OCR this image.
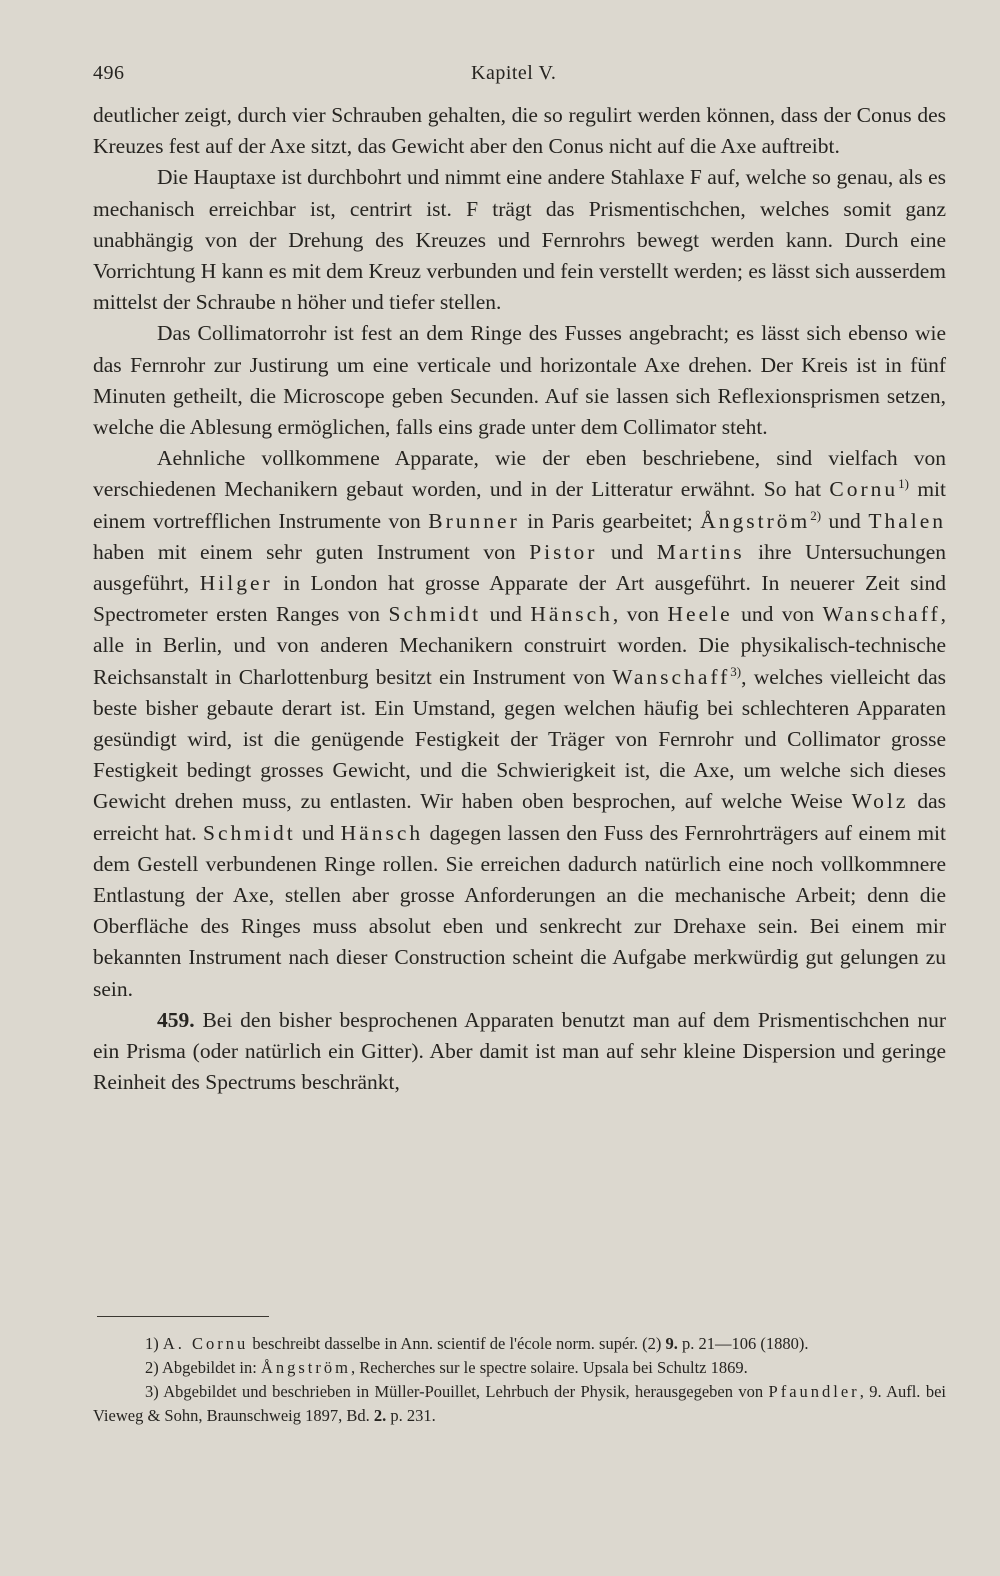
496	Kapitel V.

deutlicher zeigt, durch vier Schrauben gehalten, die so regulirt werden können, dass der Conus des Kreuzes fest auf der Axe sitzt, das Gewicht aber den Conus nicht auf die Axe auftreibt.

Die Hauptaxe ist durchbohrt und nimmt eine andere Stahlaxe F auf, welche so genau, als es mechanisch erreichbar ist, centrirt ist. F trägt das Prismentischchen, welches somit ganz unabhängig von der Drehung des Kreuzes und Fernrohrs bewegt werden kann. Durch eine Vorrichtung H kann es mit dem Kreuz verbunden und fein verstellt werden; es lässt sich ausserdem mittelst der Schraube n höher und tiefer stellen.

Das Collimatorrohr ist fest an dem Ringe des Fusses angebracht; es lässt sich ebenso wie das Fernrohr zur Justirung um eine verticale und horizontale Axe drehen. Der Kreis ist in fünf Minuten getheilt, die Microscope geben Secunden. Auf sie lassen sich Reflexionsprismen setzen, welche die Ablesung ermöglichen, falls eins grade unter dem Collimator steht.

Aehnliche vollkommene Apparate, wie der eben beschriebene, sind vielfach von verschiedenen Mechanikern gebaut worden, und in der Litteratur erwähnt. So hat Cornu$^{1)}$ mit einem vortrefflichen Instrumente von Brunner in Paris gearbeitet; Ångström$^{2)}$ und Thalen haben mit einem sehr guten Instrument von Pistor und Martins ihre Untersuchungen ausgeführt, Hilger in London hat grosse Apparate der Art ausgeführt. In neuerer Zeit sind Spectrometer ersten Ranges von Schmidt und Hänsch, von Heele und von Wanschaff, alle in Berlin, und von anderen Mechanikern construirt worden. Die physikalisch-technische Reichsanstalt in Charlottenburg besitzt ein Instrument von Wanschaff$^{3)}$, welches vielleicht das beste bisher gebaute derart ist. Ein Umstand, gegen welchen häufig bei schlechteren Apparaten gesündigt wird, ist die genügende Festigkeit der Träger von Fernrohr und Collimator grosse Festigkeit bedingt grosses Gewicht, und die Schwierigkeit ist, die Axe, um welche sich dieses Gewicht drehen muss, zu entlasten. Wir haben oben besprochen, auf welche Weise Wolz das erreicht hat. Schmidt und Hänsch dagegen lassen den Fuss des Fernrohrträgers auf einem mit dem Gestell verbundenen Ringe rollen. Sie erreichen dadurch natürlich eine noch vollkommnere Entlastung der Axe, stellen aber grosse Anforderungen an die mechanische Arbeit; denn die Oberfläche des Ringes muss absolut eben und senkrecht zur Drehaxe sein. Bei einem mir bekannten Instrument nach dieser Construction scheint die Aufgabe merkwürdig gut gelungen zu sein.

459. Bei den bisher besprochenen Apparaten benutzt man auf dem Prismentischchen nur ein Prisma (oder natürlich ein Gitter). Aber damit ist man auf sehr kleine Dispersion und geringe Reinheit des Spectrums beschränkt,

1) A. Cornu beschreibt dasselbe in Ann. scientif de l'école norm. supér. (2) 9. p. 21—106 (1880).

2) Abgebildet in: Ångström, Recherches sur le spectre solaire. Upsala bei Schultz 1869.

3) Abgebildet und beschrieben in Müller-Pouillet, Lehrbuch der Physik, herausgegeben von Pfaundler, 9. Aufl. bei Vieweg & Sohn, Braunschweig 1897, Bd. 2. p. 231.
